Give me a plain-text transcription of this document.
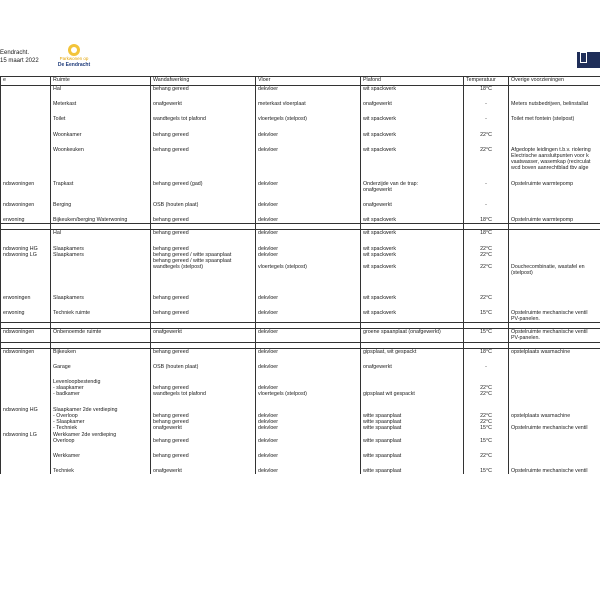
Eendracht.
15 maart 2022	Parkwonen op
De Eendracht
KO
e	Ruimte	Wandafwerking	Vloer	Plafond	Temperatuur	Overige voorzieningen
	Hal	behang gereed	dekvloer	wit spackwerk	18°C	

	Meterkast	onafgewerkt	meterkast vloerplaat	onafgewerkt	-	Meters nutsbedrijven, belinstallat

	Toilet	wandtegels tot plafond	vloertegels (stelpost)	wit spackwerk	-	Toilet met fontein (stelpost)

	Woonkamer	behang gereed	dekvloer	wit spackwerk	22°C	

	Woonkeuken	behang gereed	dekvloer	wit spackwerk	22°C	Afgedopte leidingen t.b.v. riolering
						Electrische aansluitpunten voor k
						vaatwasser, wasemkap (recirculat
						wcd boven aanrechtblad tbv alge

ndswoningen	Trapkast	behang gereed (gad)	dekvloer	Onderzijde van de trap:	-	Opstelruimte warmtepomp
				onafgewerkt		

ndswoningen	Berging	OSB (houten plaat)	dekvloer	onafgewerkt	-	

erwoning	Bijkeuken/berging Waterwoning	behang gereed	dekvloer	wit spackwerk	18°C	Opstelruimte warmtepomp

	Hal	behang gereed	dekvloer	wit spackwerk	18°C	

ndswoning HG	Slaapkamers	behang gereed	dekvloer	wit spackwerk	22°C	
ndswoning LG	Slaapkamers	behang gereed / witte spaanplaat	dekvloer	wit spackwerk	22°C	
		behang gereed / witte spaanplaat				
		wandtegels (stelpost)	vloertegels (stelpost)	wit spackwerk	22°C	Douchecombinatie, wastafel en
						(stelpost)

erwoningen	Slaapkamers	behang gereed	dekvloer	wit spackwerk	22°C	

erwoning	Techniek ruimte	behang gereed	dekvloer	wit spackwerk	15°C	Opstelruimte mechanische ventil
						PV-panelen.

ndswoningen	Onbenoemde ruimte	onafgewerkt	dekvloer	groene spaanplaat (onafgewerkt)	15°C	Opstelruimte mechanische ventil
						PV-panelen.

ndswoningen	Bijkeuken	behang gereed	dekvloer	gipsplaat, wit gespackt	18°C	opstelplaats wasmachine

	Garage	OSB (houten plaat)	dekvloer	onafgewerkt	-	

	Levenloopbestendig					
	- slaapkamer	behang gereed	dekvloer		22°C	
	- badkamer	wandtegels tot plafond	vloertegels (stelpost)	gipsplaat wit gespackt	22°C	

ndswoning HG	Slaapkamer 2de verdieping					
	- Overloop	behang gereed	dekvloer	witte spaanplaat	22°C	opstelplaats wasmachine
	- Slaapkamer	behang gereed	dekvloer	witte spaanplaat	22°C	
	- Techniek	onafgewerkt	dekvloer	witte spaanplaat	15°C	Opstelruimte mechanische ventil
ndswoning LG	Werkkamer 2de verdieping					
	Overloop	behang gereed	dekvloer	witte spaanplaat	15°C	

	Werkkamer	behang gereed	dekvloer	witte spaanplaat	22°C	

	Techniek	onafgewerkt	dekvloer	witte spaanplaat	15°C	Opstelruimte mechanische ventil
